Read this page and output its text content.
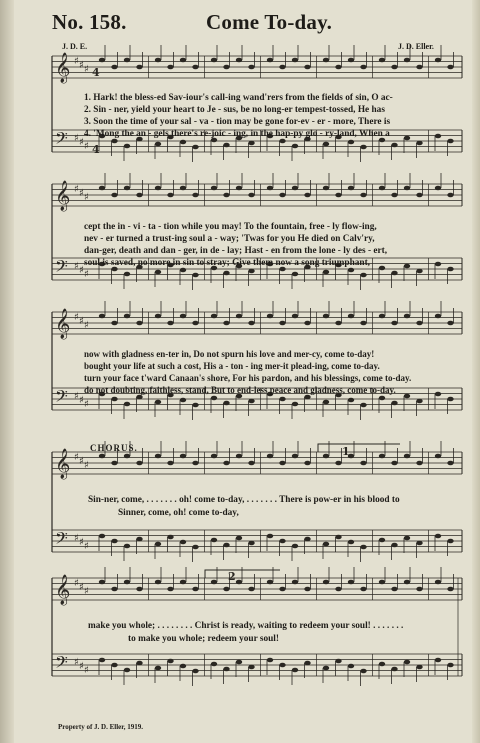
No. 158.	Come To-day.
J. D. E.	J. D. Eller.
𝄞
𝄢
♯
♯
♯
♯
♯
♯
𝄞
𝄢
♯
♯
♯
♯
♯
♯
𝄞
𝄢
♯
♯
♯
♯
♯
♯
𝄞
𝄢
♯
♯
♯
♯
♯
♯
𝄞
𝄢
♯
♯
♯
♯
♯
♯
4
4
1
2
1. Hark! the bless-ed Sav-iour's call-ing wand'rers from the fields of sin, O ac-
2. Sin - ner, yield your heart to Je - sus, be no long-er tempest-tossed, He has
3. Soon the time of your sal - va - tion may be gone for-ev - er - more, There is
4. 'Mong the an - gels there's re-joic - ing, in the hap-py glo - ry-land, When a
cept the in - vi - ta - tion while you may! To the fountain, free - ly flow-ing,
nev - er turned a trust-ing soul a - way; 'Twas for you He died on Calv'ry,
dan-ger, death and dan - ger, in de - lay; Hast - en from the lone - ly des - ert,
soul is saved, no more in sin to stray; Give them now a song triumphant,
now with gladness en-ter in, Do not spurn his love and mer-cy, come to-day!
bought your life at such a cost, His a - ton - ing mer-it plead-ing, come to-day.
turn your face t'ward Canaan's shore, For his pardon, and his blessings, come to-day.
do not doubting, faithless, stand, But to end-less peace and gladness, come to-day.
CHORUS.
Sin-ner, come, . . . . . . . oh! come to-day, . . . . . . . There is pow-er in his blood to
Sinner, come, oh! come to-day,
make you whole; . . . . . . . . Christ is ready, waiting to redeem your soul! . . . . . . .
to make you whole; redeem your soul!
Property of J. D. Eller, 1919.
